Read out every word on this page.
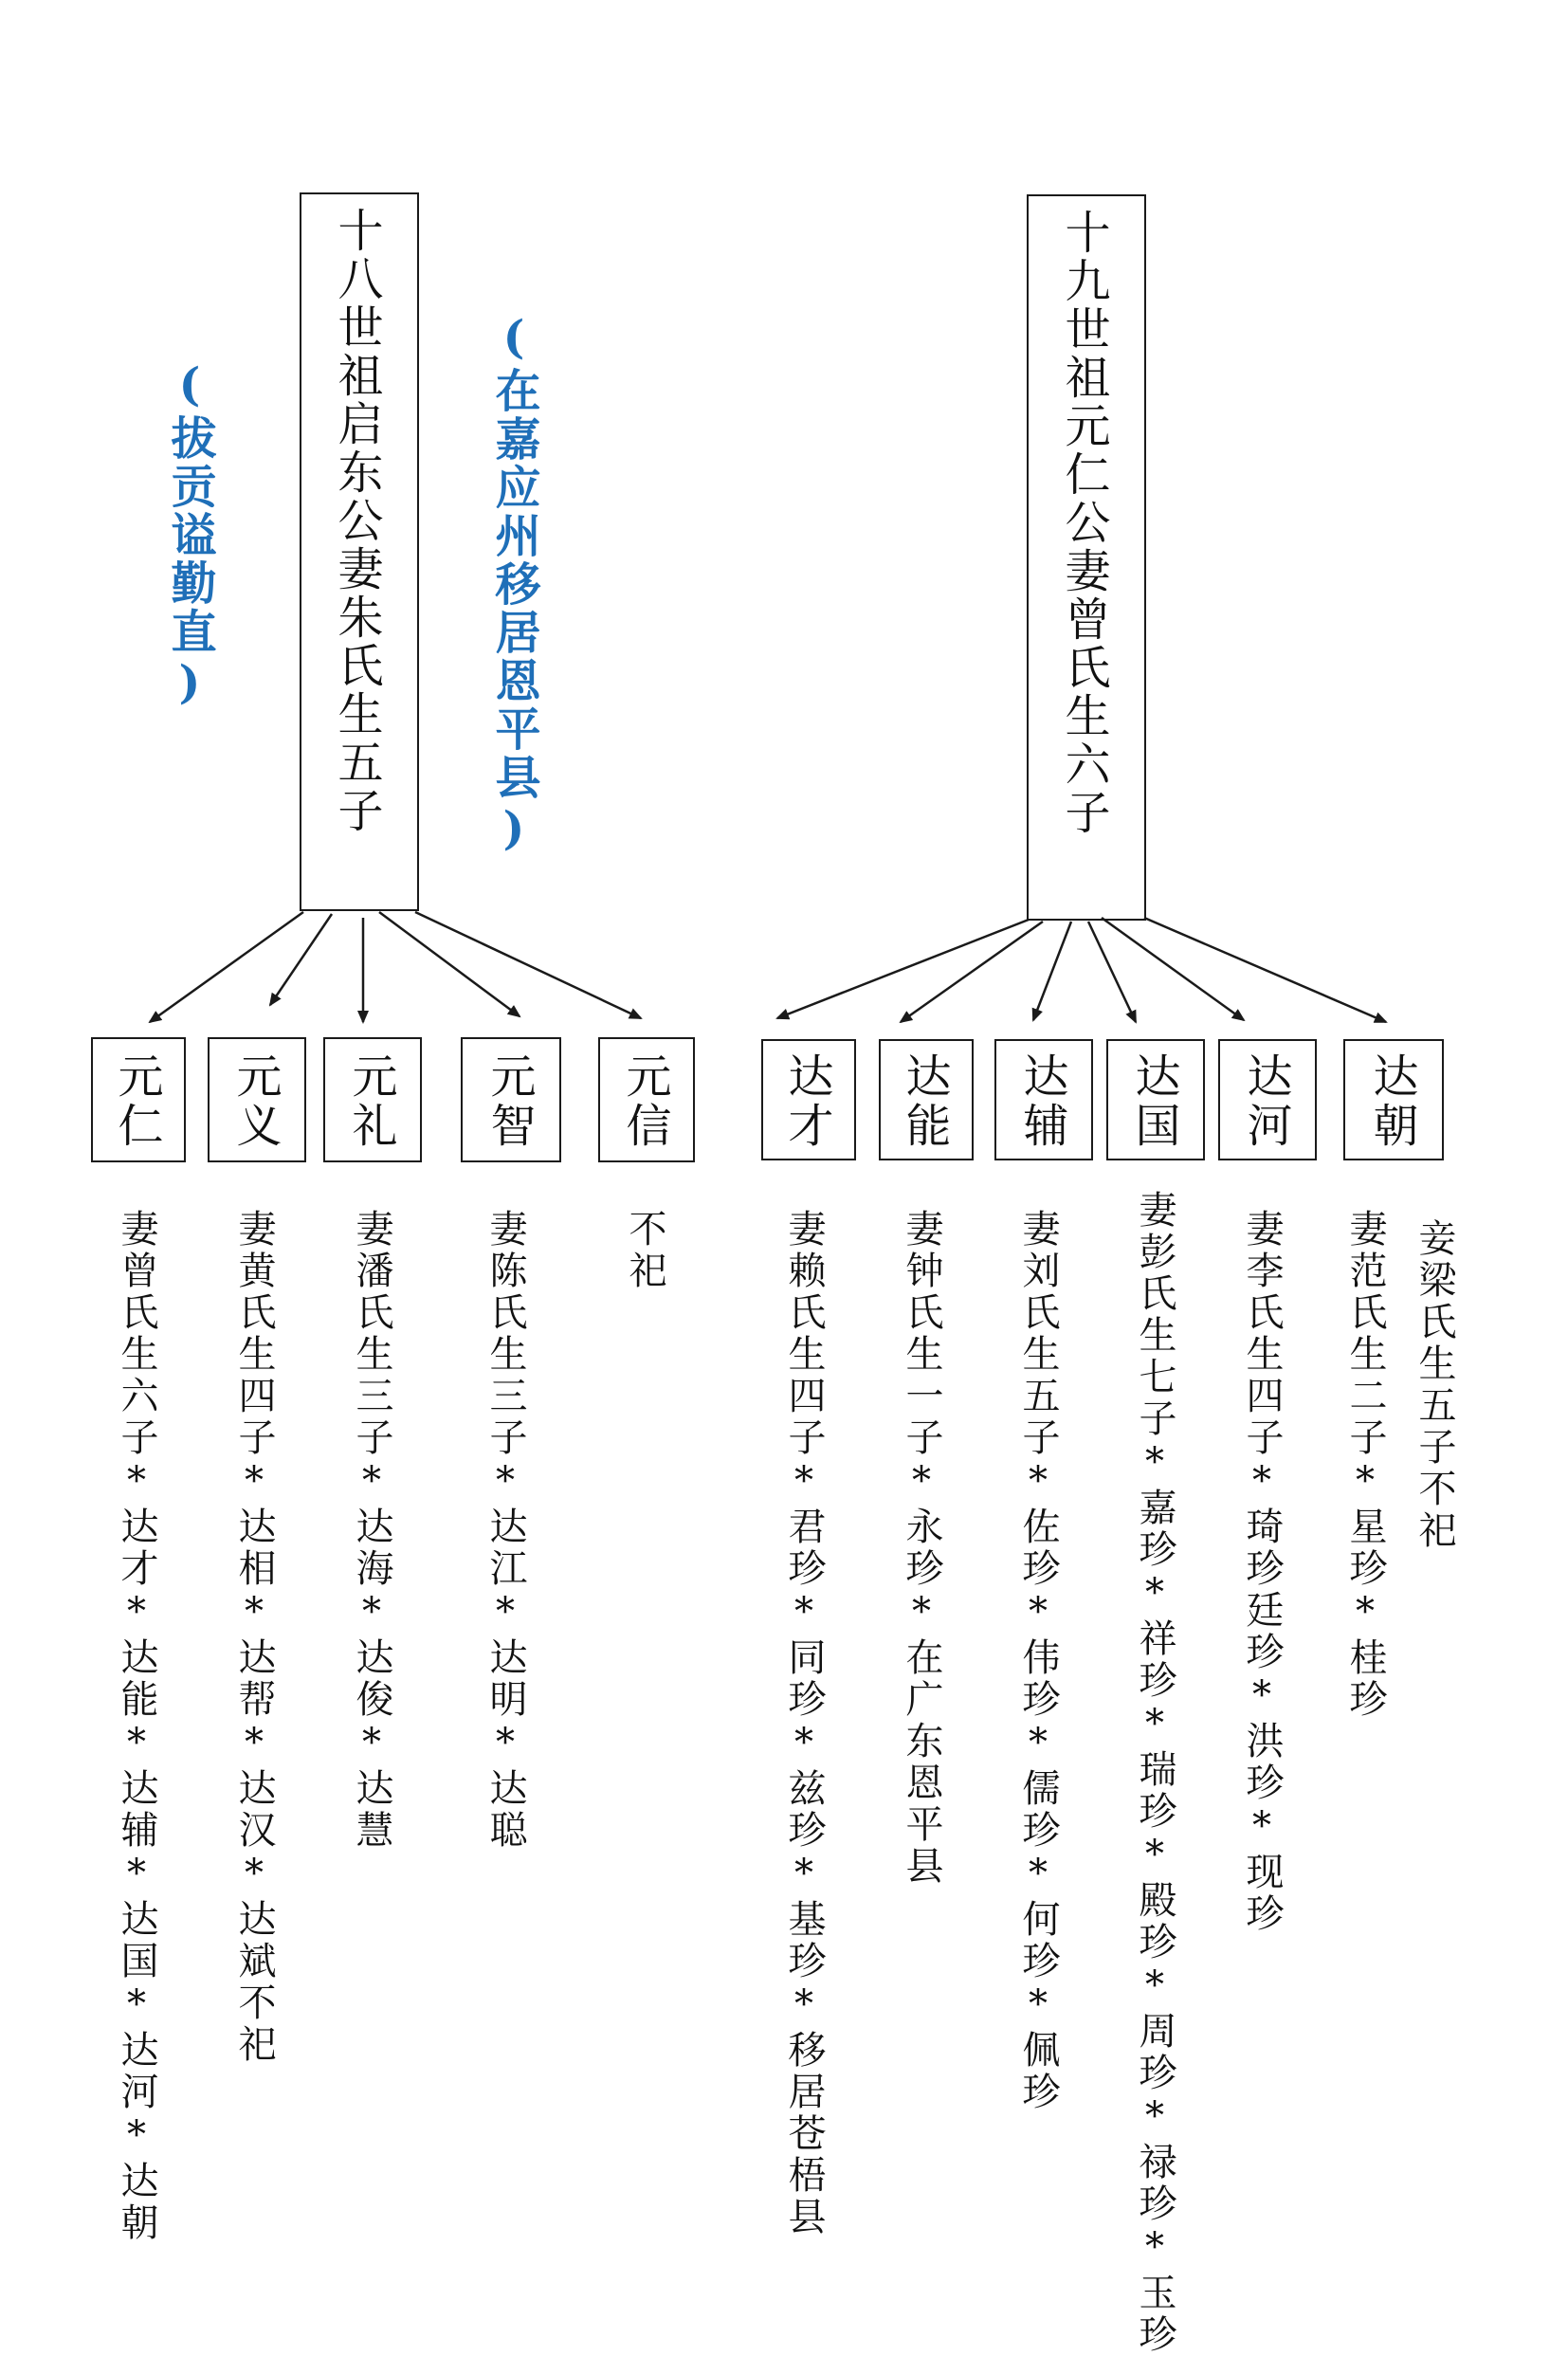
十八世祖启东公妻朱氏生五子
(拔贡谥勤直)	(在嘉应州移居恩平县)
元仁 元义 元礼 元智 元信
妻曾氏生六子*达才*达能*达辅*达国*达河*达朝 妻黄氏生四子*达相*达帮*达汉*达斌不祀 妻潘氏生三子*达海*达俊*达慧 妻陈氏生三子*达江*达明*达聪	不祀
十九世祖元仁公妻曾氏生六子
达才 达能 达辅 达国 达河 达朝
妻赖氏生四子*君珍*同珍*兹珍*基珍*移居苍梧县 妻钟氏生一子*永珍*在广东恩平县 妻刘氏生五子*佐珍*伟珍*儒珍*何珍*佩珍 妻彭氏生七子*嘉珍*祥珍*瑞珍*殿珍*周珍*禄珍*玉珍 妻李氏生四子*琦珍廷珍*洪珍*现珍 妻范氏生二子*星珍*桂珍 妾梁氏生五子不祀
